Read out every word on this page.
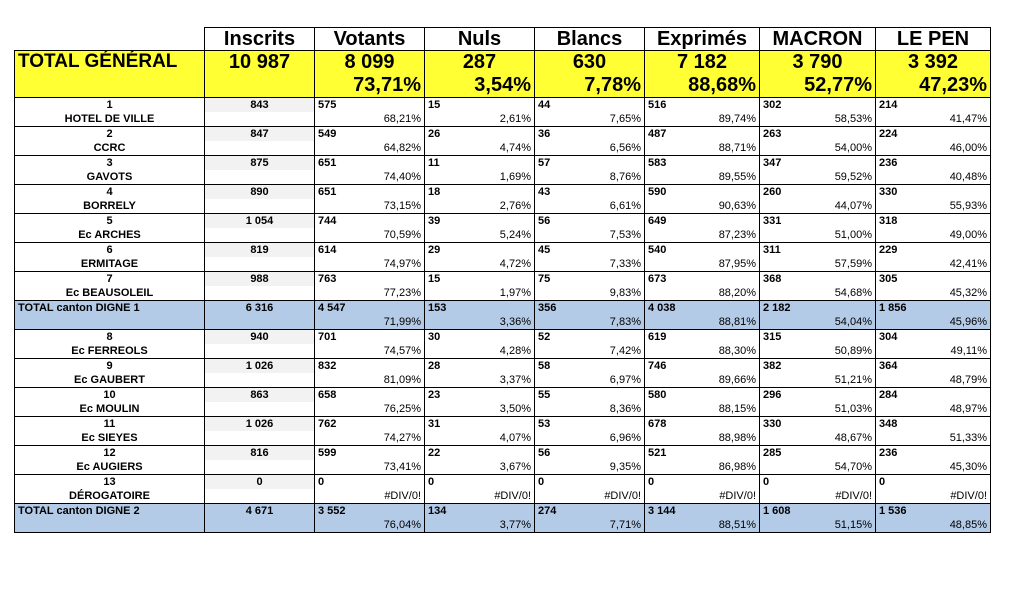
	Inscrits	Votants	Nuls	Blancs	Exprimés	MACRON	LE PEN
TOTAL GÉNÉRAL	10 987	8 099	287	630	7 182	3 790	3 392
		73,71%	3,54%	7,78%	88,68%	52,77%	47,23%
1	843	575	15	44	516	302	214
HOTEL DE VILLE		68,21%	2,61%	7,65%	89,74%	58,53%	41,47%
2	847	549	26	36	487	263	224
CCRC		64,82%	4,74%	6,56%	88,71%	54,00%	46,00%
3	875	651	11	57	583	347	236
GAVOTS		74,40%	1,69%	8,76%	89,55%	59,52%	40,48%
4	890	651	18	43	590	260	330
BORRELY		73,15%	2,76%	6,61%	90,63%	44,07%	55,93%
5	1 054	744	39	56	649	331	318
Ec ARCHES		70,59%	5,24%	7,53%	87,23%	51,00%	49,00%
6	819	614	29	45	540	311	229
ERMITAGE		74,97%	4,72%	7,33%	87,95%	57,59%	42,41%
7	988	763	15	75	673	368	305
Ec BEAUSOLEIL		77,23%	1,97%	9,83%	88,20%	54,68%	45,32%
TOTAL canton DIGNE 1	6 316	4 547	153	356	4 038	2 182	1 856
		71,99%	3,36%	7,83%	88,81%	54,04%	45,96%
8	940	701	30	52	619	315	304
Ec FERREOLS		74,57%	4,28%	7,42%	88,30%	50,89%	49,11%
9	1 026	832	28	58	746	382	364
Ec GAUBERT		81,09%	3,37%	6,97%	89,66%	51,21%	48,79%
10	863	658	23	55	580	296	284
Ec MOULIN		76,25%	3,50%	8,36%	88,15%	51,03%	48,97%
11	1 026	762	31	53	678	330	348
Ec SIEYES		74,27%	4,07%	6,96%	88,98%	48,67%	51,33%
12	816	599	22	56	521	285	236
Ec AUGIERS		73,41%	3,67%	9,35%	86,98%	54,70%	45,30%
13	0	0	0	0	0	0	0
DÉROGATOIRE		#DIV/0!	#DIV/0!	#DIV/0!	#DIV/0!	#DIV/0!	#DIV/0!
TOTAL canton DIGNE 2	4 671	3 552	134	274	3 144	1 608	1 536
		76,04%	3,77%	7,71%	88,51%	51,15%	48,85%
